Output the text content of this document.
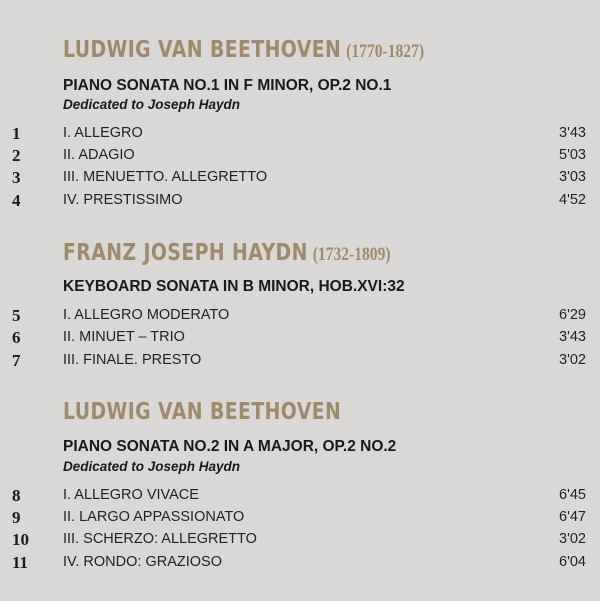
LUDWIG VAN BEETHOVEN (1770-1827)
PIANO SONATA NO.1 IN F MINOR, OP.2 NO.1
Dedicated to Joseph Haydn
1	I. ALLEGRO	3'43
2	II. ADAGIO	5'03
3	III. MENUETTO. ALLEGRETTO	3'03
4	IV. PRESTISSIMO	4'52
FRANZ JOSEPH HAYDN (1732-1809)
KEYBOARD SONATA IN B MINOR, HOB.XVI:32
5	I. ALLEGRO MODERATO	6'29
6	II. MINUET – TRIO	3'43
7	III. FINALE. PRESTO	3'02
LUDWIG VAN BEETHOVEN
PIANO SONATA NO.2 IN A MAJOR, OP.2 NO.2
Dedicated to Joseph Haydn
8	I. ALLEGRO VIVACE	6'45
9	II. LARGO APPASSIONATO	6'47
10	III. SCHERZO: ALLEGRETTO	3'02
11	IV. RONDO: GRAZIOSO	6'04
